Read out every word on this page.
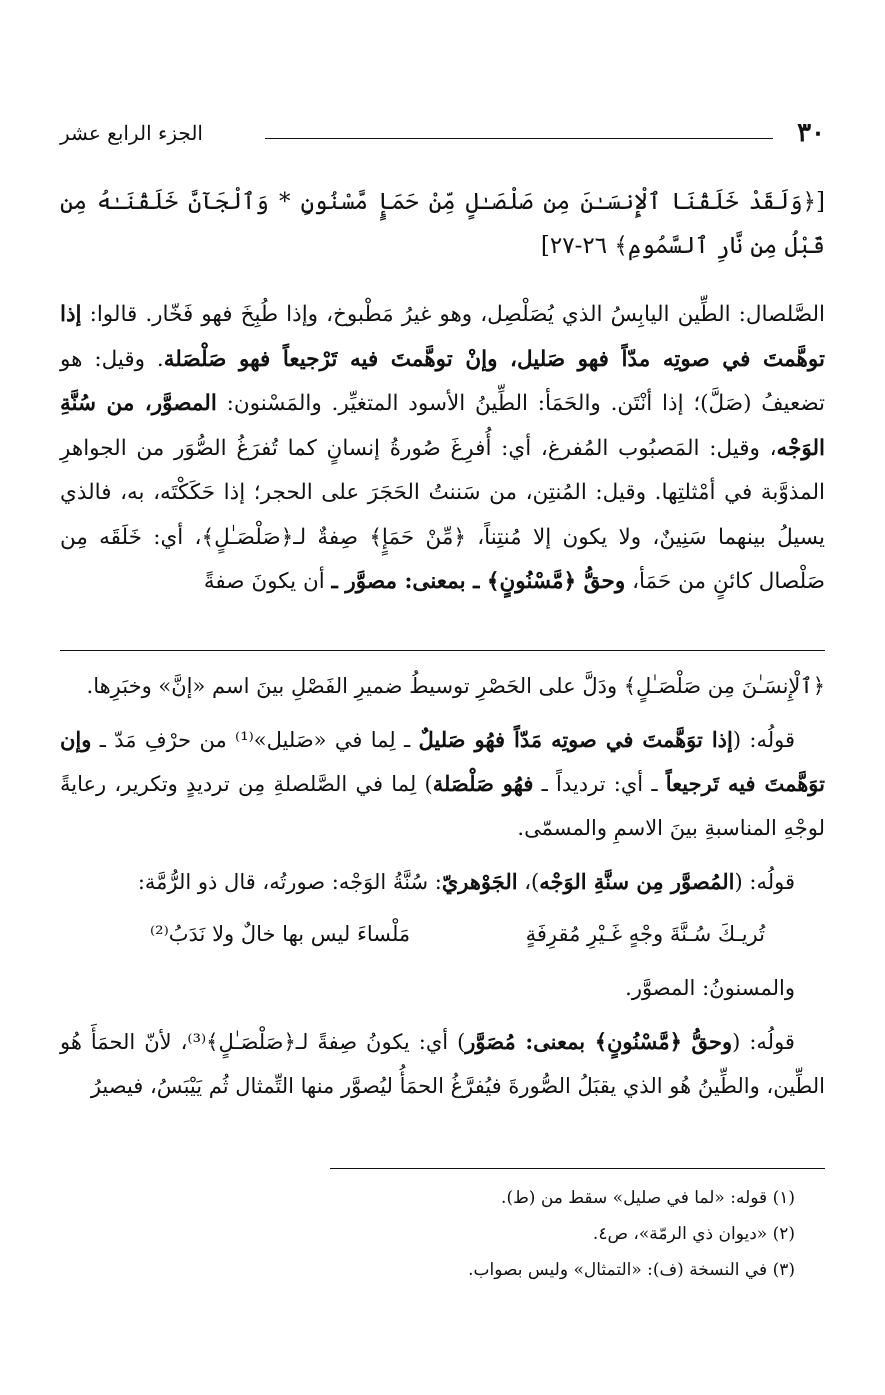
٣٠
الجزء الرابع عشر
[﴿وَلَقَدْ خَلَقْنَا ٱلْإِنسَـٰنَ مِن صَلْصَـٰلٍ مِّنْ حَمَإٍ مَّسْنُونٍ * وَٱلْجَآنَّ خَلَقْنَـٰهُ مِن قَبْلُ مِن نَّارِ ٱلسَّمُومِ﴾ ٢٦-٢٧]

الصَّلصال: الطِّين اليابِسُ الذي يُصَلْصِل، وهو غيرُ مَطْبوخ، وإذا طُبِخَ فهو فَخّار. قالوا: إذا توهَّمتَ في صوتِه مدّاً فهو صَليل، وإنْ توهَّمتَ فيه تَرْجيعاً فهو صَلْصَلة. وقيل: هو تضعيفُ (صَلَّ)؛ إذا أنْتَن. والحَمَأ: الطِّينُ الأسود المتغيِّر. والمَسْنون: المصوَّر، من سُنَّةِ الوَجْه، وقيل: المَصبُوب المُفرغ، أي: أُفرِغَ صُورةُ إنسانٍ كما تُفرَغُ الصُّوَر من الجواهرِ المذوَّبة في أمْثلتِها. وقيل: المُنتِن، من سَننتُ الحَجَرَ على الحجر؛ إذا حَكَكْتَه، به، فالذي يسيلُ بينهما سَنِينٌ، ولا يكون إلا مُنتِناً، ﴿مِّنْ حَمَإٍ﴾ صِفةٌ لـ﴿صَلْصَـٰلٍ﴾، أي: خَلَقَه مِن صَلْصال كائنٍ من حَمَأ، وحقُّ ﴿مَّسْنُونٍ﴾ ـ بمعنى: مصوَّر ـ أن يكونَ صفةً

﴿ٱلْإِنسَـٰنَ مِن صَلْصَـٰلٍ﴾ ودَلَّ على الحَصْرِ توسيطُ ضميرِ الفَصْلِ بينَ اسم «إنَّ» وخبَرِها.

قولُه: (إذا توَهَّمتَ في صوتِه مَدّاً فهُو صَليلٌ ـ لِما في «صَليل»⁽¹⁾ من حرْفِ مَدّ ـ وإن توَهَّمتَ فيه تَرجيعاً ـ أي: ترديداً ـ فهُو صَلْصَلة) لِما في الصَّلصلةِ مِن ترديدٍ وتكرير، رعايةً لوجْهِ المناسبةِ بينَ الاسمِ والمسمّى.

قولُه: (المُصوَّر مِن سنَّةِ الوَجْه)، الجَوْهريّ: سُنَّةُ الوَجْه: صورتُه، قال ذو الرُّمَّة:

تُريـكَ سُـنَّةَ وجْهٍ غَـيْرِ مُقرِفَةٍ
مَلْساءَ ليس بها خالٌ ولا نَدَبُ⁽²⁾

والمسنونُ: المصوَّر.

قولُه: (وحقُّ ﴿مَّسْنُونٍ﴾ بمعنى: مُصَوَّر) أي: يكونُ صِفةً لـ﴿صَلْصَـٰلٍ﴾⁽³⁾، لأنّ الحمَأَ هُو الطِّين، والطِّينُ هُو الذي يقبَلُ الصُّورةَ فيُفرَّغُ الحمَأُ ليُصوَّر منها التِّمثال ثُم يَيْبَسُ، فيصيرُ

(١) قوله: «لما في صليل» سقط من (ط).
(٢) «ديوان ذي الرمّة»، ص٤.
(٣) في النسخة (ف): «التمثال» وليس بصواب.
